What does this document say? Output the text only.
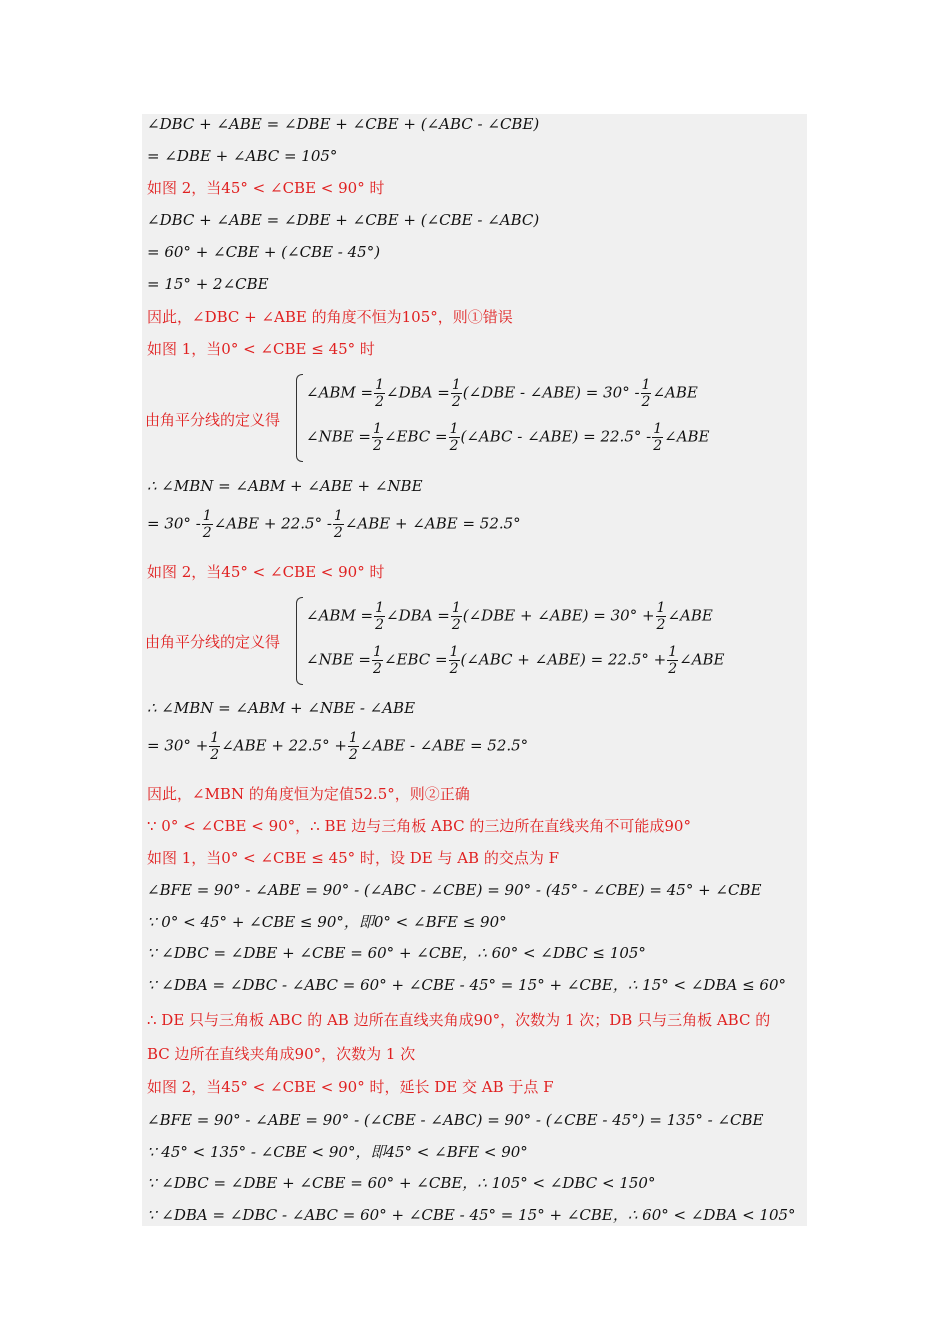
∠DBC + ∠ABE = ∠DBE + ∠CBE + (∠ABC - ∠CBE)
= ∠DBE + ∠ABC = 105°
如图 2，当45° < ∠CBE < 90° 时
∠DBC + ∠ABE = ∠DBE + ∠CBE + (∠CBE - ∠ABC)
= 60° + ∠CBE + (∠CBE - 45°)
= 15° + 2∠CBE
因此，∠DBC + ∠ABE 的角度不恒为105°，则①错误
如图 1，当0° < ∠CBE ≤ 45° 时
由角平分线的定义得
∠ABM = $\frac{1}{2}$ ∠DBA = $\frac{1}{2}$ (∠DBE - ∠ABE) = $30^\circ - \frac{1}{2}$ ∠ABE
∠NBE = $\frac{1}{2}$ ∠EBC = $\frac{1}{2}$ (∠ABC - ∠ABE) = $22.5^\circ - \frac{1}{2}$ ∠ABE
∴ ∠MBN = ∠ABM + ∠ABE + ∠NBE
= $30^\circ - \frac{1}{2}$ ∠ABE + $22.5^\circ - \frac{1}{2}$ ∠ABE + ∠ABE = 52.5°
如图 2，当45° < ∠CBE < 90° 时
由角平分线的定义得
∠ABM = $\frac{1}{2}$ ∠DBA = $\frac{1}{2}$ (∠DBE + ∠ABE) = $30^\circ + \frac{1}{2}$ ∠ABE
∠NBE = $\frac{1}{2}$ ∠EBC = $\frac{1}{2}$ (∠ABC + ∠ABE) = $22.5^\circ + \frac{1}{2}$ ∠ABE
∴ ∠MBN = ∠ABM + ∠NBE - ∠ABE
= $30^\circ + \frac{1}{2}$ ∠ABE + $22.5^\circ + \frac{1}{2}$ ∠ABE - ∠ABE = 52.5°
因此，∠MBN 的角度恒为定值52.5°，则②正确
∵ 0° < ∠CBE < 90°，∴ BE 边与三角板 ABC 的三边所在直线夹角不可能成90°
如图 1，当0° < ∠CBE ≤ 45° 时，设 DE 与 AB 的交点为 F
∠BFE = 90° - ∠ABE = 90° - (∠ABC - ∠CBE) = 90° - (45° - ∠CBE) = 45° + ∠CBE
∵ 0° < 45° + ∠CBE ≤ 90°，即0° < ∠BFE ≤ 90°
∵ ∠DBC = ∠DBE + ∠CBE = 60° + ∠CBE，∴ 60° < ∠DBC ≤ 105°
∵ ∠DBA = ∠DBC - ∠ABC = 60° + ∠CBE - 45° = 15° + ∠CBE，∴ 15° < ∠DBA ≤ 60°
∴ DE 只与三角板 ABC 的 AB 边所在直线夹角成90°，次数为 1 次；DB 只与三角板 ABC 的
BC 边所在直线夹角成90°，次数为 1 次
如图 2，当45° < ∠CBE < 90° 时，延长 DE 交 AB 于点 F
∠BFE = 90° - ∠ABE = 90° - (∠CBE - ∠ABC) = 90° - (∠CBE - 45°) = 135° - ∠CBE
∵ 45° < 135° - ∠CBE < 90°，即45° < ∠BFE < 90°
∵ ∠DBC = ∠DBE + ∠CBE = 60° + ∠CBE，∴ 105° < ∠DBC < 150°
∵ ∠DBA = ∠DBC - ∠ABC = 60° + ∠CBE - 45° = 15° + ∠CBE，∴ 60° < ∠DBA < 105°
